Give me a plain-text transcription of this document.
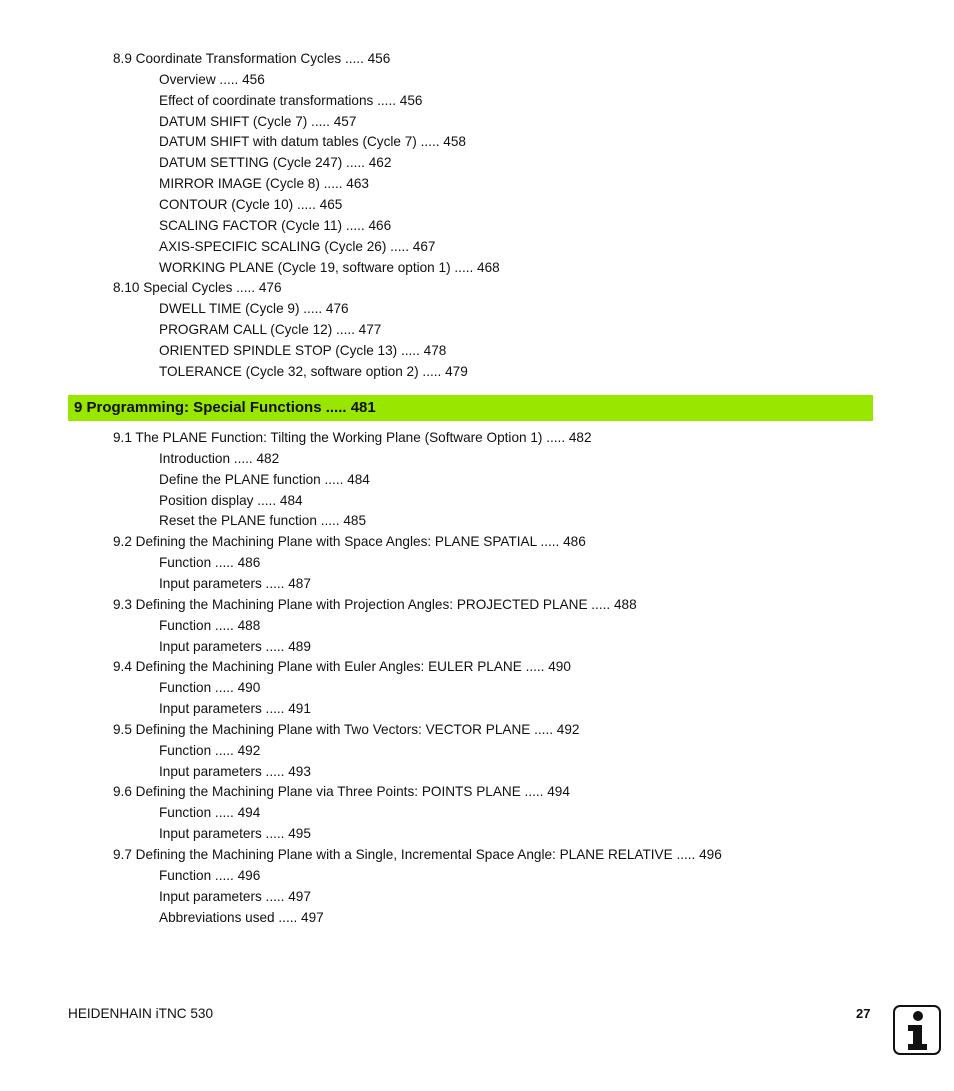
8.9 Coordinate Transformation Cycles ..... 456
Overview ..... 456
Effect of coordinate transformations ..... 456
DATUM SHIFT (Cycle 7) ..... 457
DATUM SHIFT with datum tables (Cycle 7) ..... 458
DATUM SETTING (Cycle 247) ..... 462
MIRROR IMAGE (Cycle 8) ..... 463
CONTOUR (Cycle 10) ..... 465
SCALING FACTOR (Cycle 11) ..... 466
AXIS-SPECIFIC SCALING (Cycle 26) ..... 467
WORKING PLANE (Cycle 19, software option 1) ..... 468
8.10 Special Cycles ..... 476
DWELL TIME (Cycle 9) ..... 476
PROGRAM CALL (Cycle 12) ..... 477
ORIENTED SPINDLE STOP (Cycle 13) ..... 478
TOLERANCE (Cycle 32, software option 2) ..... 479
9 Programming: Special Functions ..... 481
9.1 The PLANE Function: Tilting the Working Plane (Software Option 1) ..... 482
Introduction ..... 482
Define the PLANE function ..... 484
Position display ..... 484
Reset the PLANE function ..... 485
9.2 Defining the Machining Plane with Space Angles: PLANE SPATIAL ..... 486
Function ..... 486
Input parameters ..... 487
9.3 Defining the Machining Plane with Projection Angles: PROJECTED PLANE ..... 488
Function ..... 488
Input parameters ..... 489
9.4 Defining the Machining Plane with Euler Angles: EULER PLANE ..... 490
Function ..... 490
Input parameters ..... 491
9.5 Defining the Machining Plane with Two Vectors: VECTOR PLANE ..... 492
Function ..... 492
Input parameters ..... 493
9.6 Defining the Machining Plane via Three Points: POINTS PLANE ..... 494
Function ..... 494
Input parameters ..... 495
9.7 Defining the Machining Plane with a Single, Incremental Space Angle: PLANE RELATIVE ..... 496
Function ..... 496
Input parameters ..... 497
Abbreviations used ..... 497
HEIDENHAIN iTNC 530	27
